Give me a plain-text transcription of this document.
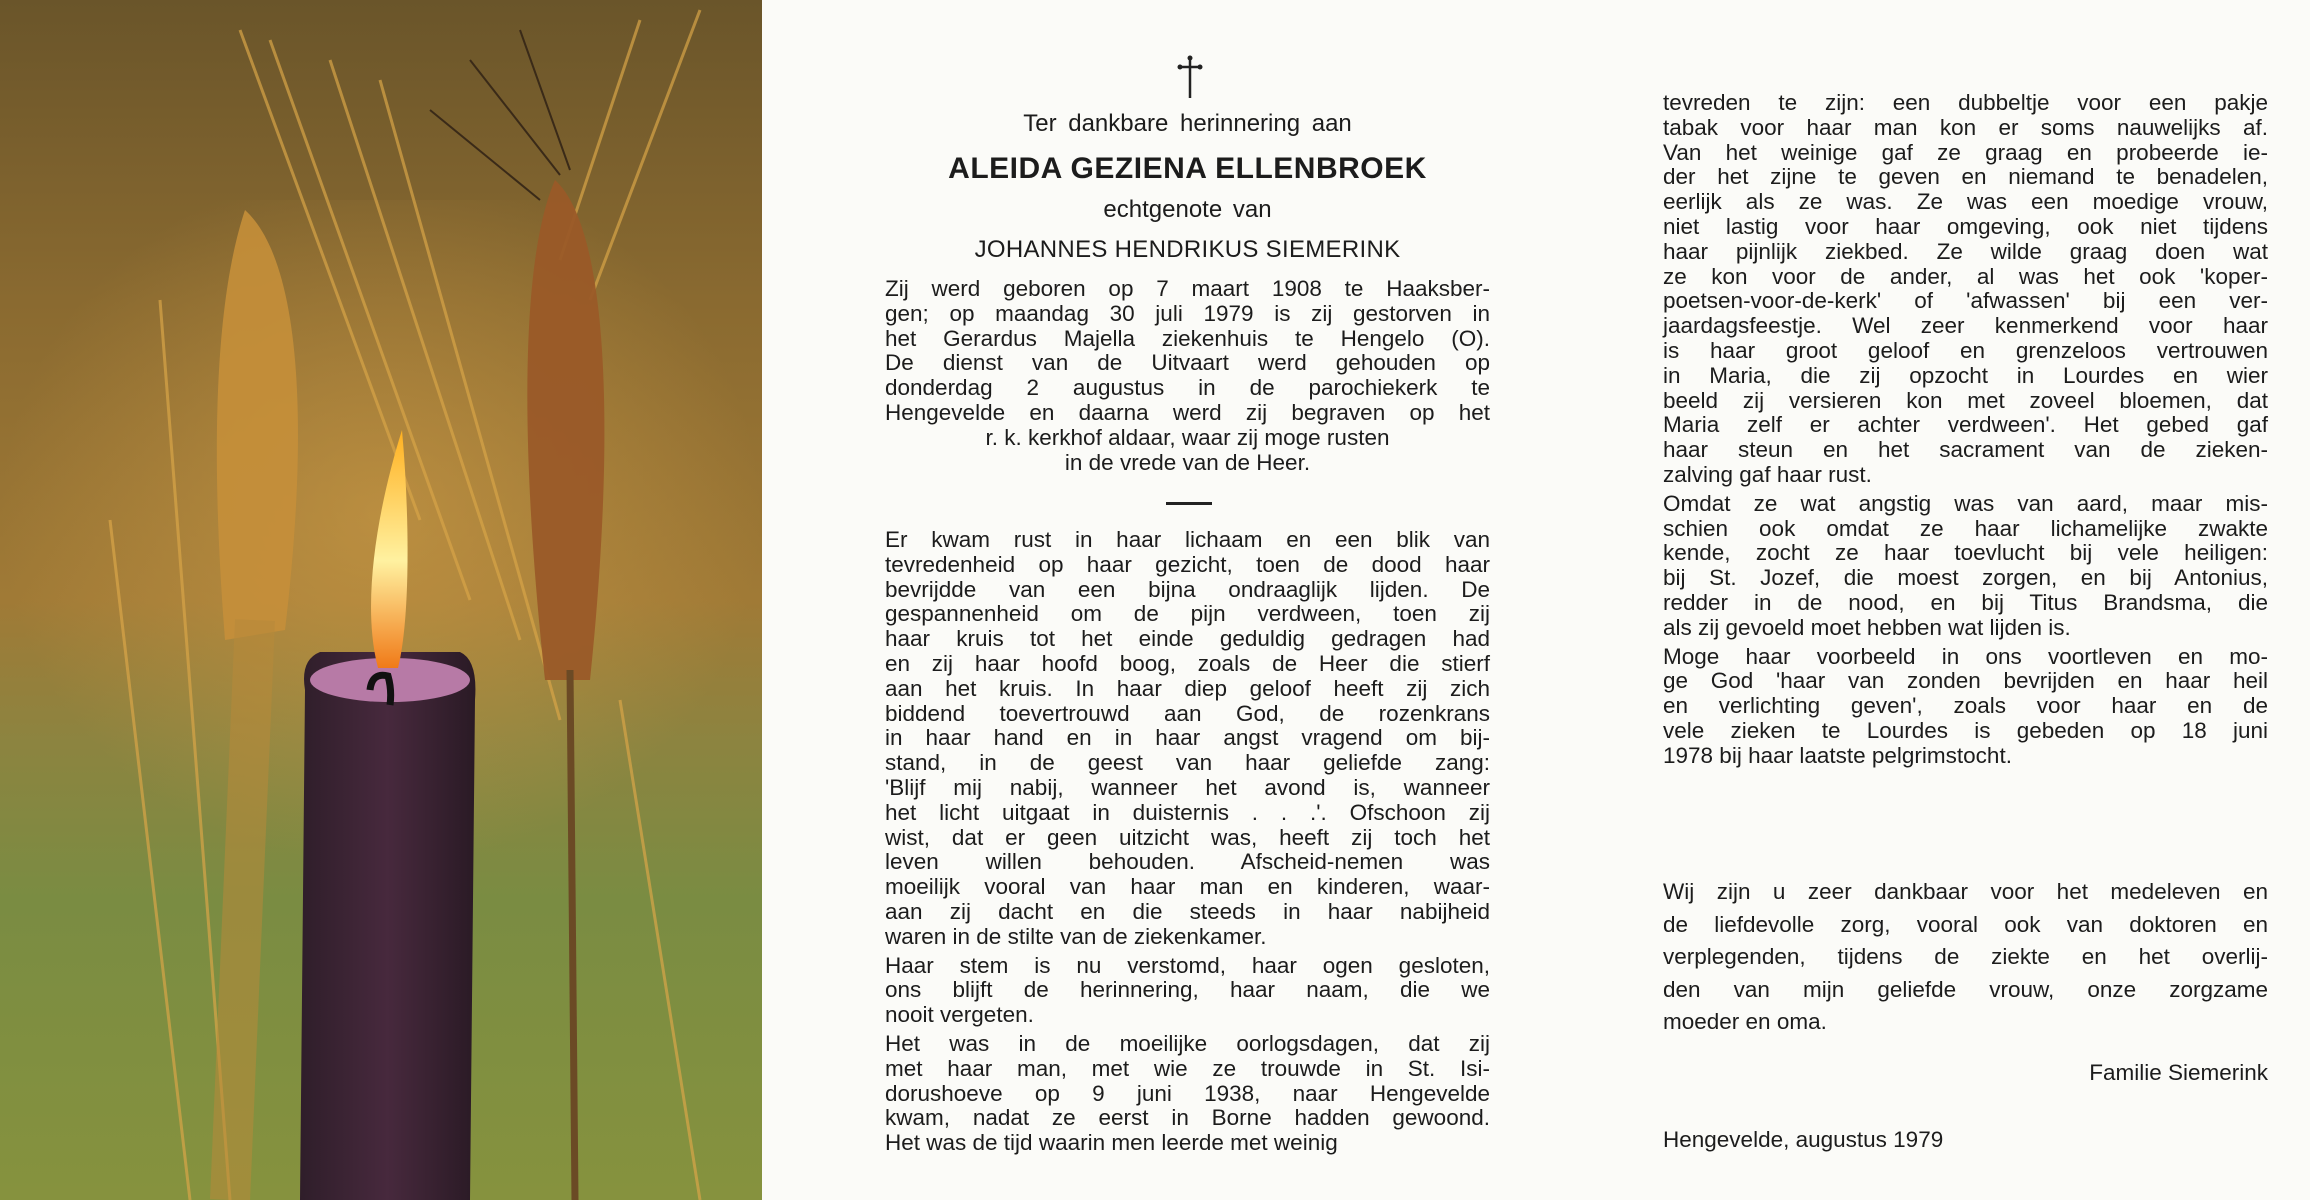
Ter dankbare herinnering aan
ALEIDA GEZIENA ELLENBROEK
echtgenote van
JOHANNES HENDRIKUS SIEMERINK
Zij werd geboren op 7 maart 1908 te Haaksber-
gen; op maandag 30 juli 1979 is zij gestorven in
het Gerardus Majella ziekenhuis te Hengelo (O).
De dienst van de Uitvaart werd gehouden op
donderdag 2 augustus in de parochiekerk te
Hengevelde en daarna werd zij begraven op het
r. k. kerkhof aldaar, waar zij moge rusten
in de vrede van de Heer.
Er kwam rust in haar lichaam en een blik van
tevredenheid op haar gezicht, toen de dood haar
bevrijdde van een bijna ondraaglijk lijden. De
gespannenheid om de pijn verdween, toen zij
haar kruis tot het einde geduldig gedragen had
en zij haar hoofd boog, zoals de Heer die stierf
aan het kruis. In haar diep geloof heeft zij zich
biddend toevertrouwd aan God, de rozenkrans
in haar hand en in haar angst vragend om bij-
stand, in de geest van haar geliefde zang:
'Blijf mij nabij, wanneer het avond is, wanneer
het licht uitgaat in duisternis . . .'. Ofschoon zij
wist, dat er geen uitzicht was, heeft zij toch het
leven willen behouden. Afscheid-nemen was
moeilijk vooral van haar man en kinderen, waar-
aan zij dacht en die steeds in haar nabijheid
waren in de stilte van de ziekenkamer.
Haar stem is nu verstomd, haar ogen gesloten,
ons blijft de herinnering, haar naam, die we
nooit vergeten.
Het was in de moeilijke oorlogsdagen, dat zij
met haar man, met wie ze trouwde in St. Isi-
dorushoeve op 9 juni 1938, naar Hengevelde
kwam, nadat ze eerst in Borne hadden gewoond.
Het was de tijd waarin men leerde met weinig
tevreden te zijn: een dubbeltje voor een pakje
tabak voor haar man kon er soms nauwelijks af.
Van het weinige gaf ze graag en probeerde ie-
der het zijne te geven en niemand te benadelen,
eerlijk als ze was. Ze was een moedige vrouw,
niet lastig voor haar omgeving, ook niet tijdens
haar pijnlijk ziekbed. Ze wilde graag doen wat
ze kon voor de ander, al was het ook 'koper-
poetsen-voor-de-kerk' of 'afwassen' bij een ver-
jaardagsfeestje. Wel zeer kenmerkend voor haar
is haar groot geloof en grenzeloos vertrouwen
in Maria, die zij opzocht in Lourdes en wier
beeld zij versieren kon met zoveel bloemen, dat
Maria zelf er achter verdween'. Het gebed gaf
haar steun en het sacrament van de zieken-
zalving gaf haar rust.
Omdat ze wat angstig was van aard, maar mis-
schien ook omdat ze haar lichamelijke zwakte
kende, zocht ze haar toevlucht bij vele heiligen:
bij St. Jozef, die moest zorgen, en bij Antonius,
redder in de nood, en bij Titus Brandsma, die
als zij gevoeld moet hebben wat lijden is.
Moge haar voorbeeld in ons voortleven en mo-
ge God 'haar van zonden bevrijden en haar heil
en verlichting geven', zoals voor haar en de
vele zieken te Lourdes is gebeden op 18 juni
1978 bij haar laatste pelgrimstocht.
Wij zijn u zeer dankbaar voor het medeleven en
de liefdevolle zorg, vooral ook van doktoren en
verplegenden, tijdens de ziekte en het overlij-
den van mijn geliefde vrouw, onze zorgzame
moeder en oma.
Familie Siemerink
Hengevelde, augustus 1979
